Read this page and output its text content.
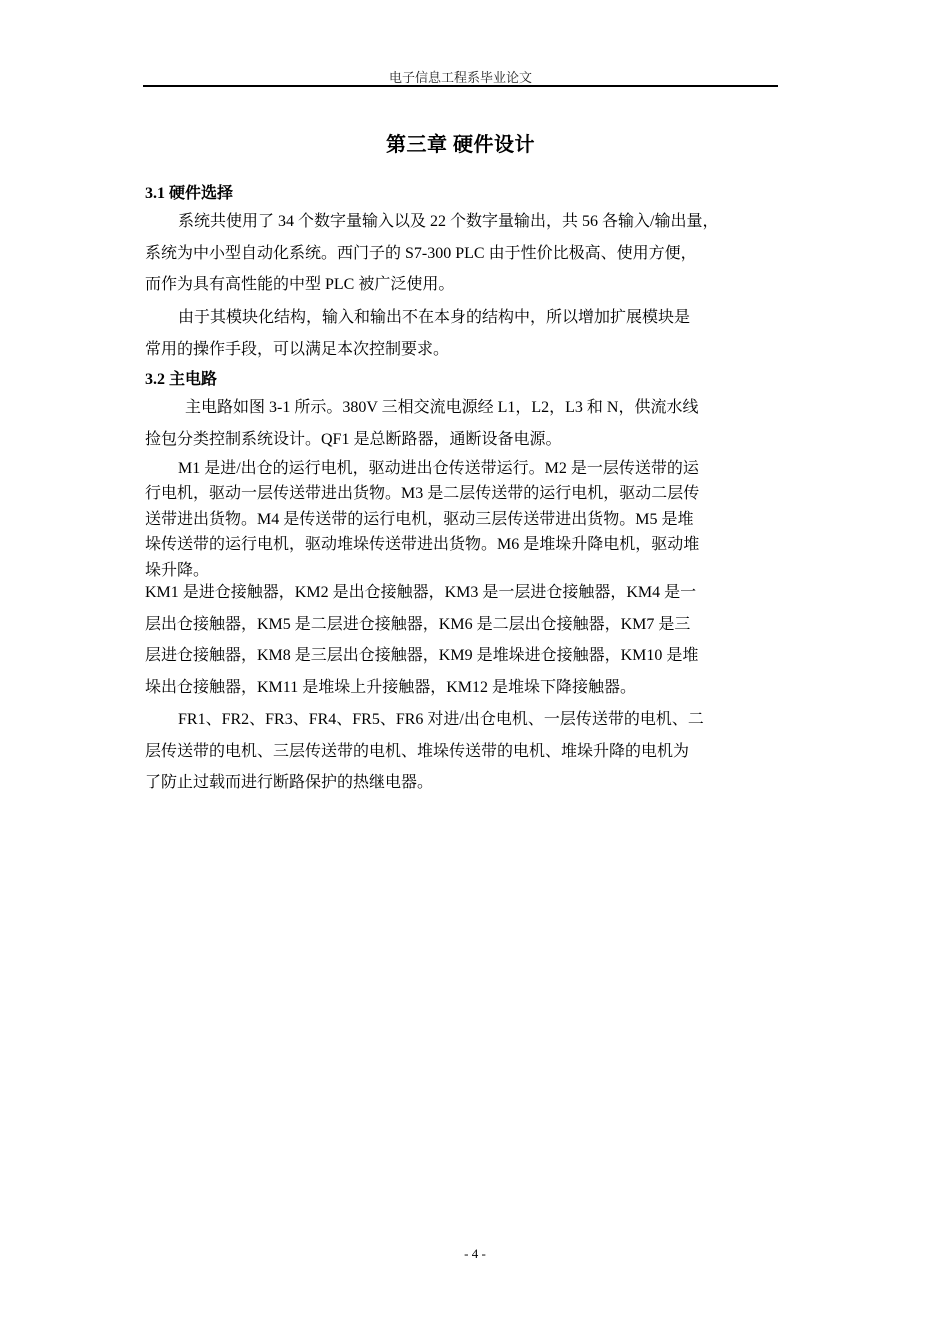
电子信息工程系毕业论文
第三章 硬件设计
3.1 硬件选择

系统共使用了 34 个数字量输入以及 22 个数字量输出，共 56 各输入/输出量，
系统为中小型自动化系统。西门子的 S7-300 PLC 由于性价比极高、使用方便，
而作为具有高性能的中型 PLC 被广泛使用。

由于其模块化结构，输入和输出不在本身的结构中，所以增加扩展模块是
常用的操作手段，可以满足本次控制要求。

3.2 主电路

主电路如图 3-1 所示。380V 三相交流电源经 L1，L2，L3 和 N，供流水线
捡包分类控制系统设计。QF1 是总断路器，通断设备电源。

M1 是进/出仓的运行电机，驱动进出仓传送带运行。M2 是一层传送带的运
行电机，驱动一层传送带进出货物。M3 是二层传送带的运行电机，驱动二层传
送带进出货物。M4 是传送带的运行电机，驱动三层传送带进出货物。M5 是堆
垛传送带的运行电机，驱动堆垛传送带进出货物。M6 是堆垛升降电机，驱动堆
垛升降。

KM1 是进仓接触器，KM2 是出仓接触器，KM3 是一层进仓接触器，KM4 是一
层出仓接触器，KM5 是二层进仓接触器，KM6 是二层出仓接触器，KM7 是三
层进仓接触器，KM8 是三层出仓接触器，KM9 是堆垛进仓接触器，KM10 是堆
垛出仓接触器，KM11 是堆垛上升接触器，KM12 是堆垛下降接触器。

FR1、FR2、FR3、FR4、FR5、FR6 对进/出仓电机、一层传送带的电机、二
层传送带的电机、三层传送带的电机、堆垛传送带的电机、堆垛升降的电机为
了防止过载而进行断路保护的热继电器。

- 4 -
